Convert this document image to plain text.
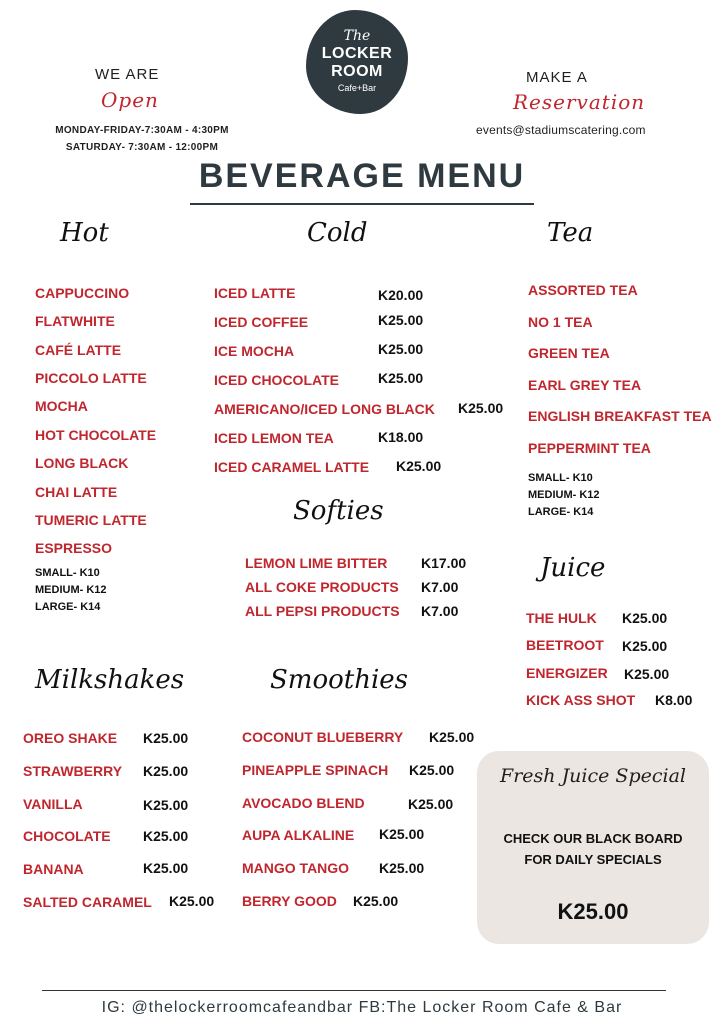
WE ARE
Open
MONDAY-FRIDAY-7:30AM - 4:30PM
SATURDAY- 7:30AM - 12:00PM
The
LOCKER
ROOM
Cafe+Bar
MAKE A
Reservation
events@stadiumscatering.com
BEVERAGE MENU
Hot
CAPPUCCINO
FLATWHITE
CAFÉ LATTE
PICCOLO LATTE
MOCHA
HOT CHOCOLATE
LONG BLACK
CHAI LATTE
TUMERIC LATTE
ESPRESSO
SMALL- K10
MEDIUM- K12
LARGE- K14
Cold
ICED LATTE	K20.00
ICED COFFEE	K25.00
ICE MOCHA	K25.00
ICED CHOCOLATE	K25.00
AMERICANO/ICED LONG BLACK K25.00
ICED LEMON TEA	K18.00
ICED CARAMEL LATTE K25.00
Tea
ASSORTED TEA
NO 1 TEA
GREEN TEA
EARL GREY TEA
ENGLISH BREAKFAST TEA
PEPPERMINT TEA
SMALL- K10
MEDIUM- K12
LARGE- K14
Softies
LEMON LIME BITTER K17.00
ALL COKE PRODUCTS K7.00
ALL PEPSI PRODUCTS K7.00
Juice
THE HULK K25.00
BEETROOT K25.00
ENERGIZER K25.00
KICK ASS SHOT K8.00
Milkshakes
OREO SHAKE K25.00
STRAWBERRY K25.00
VANILLA	K25.00
CHOCOLATE K25.00
BANANA	K25.00
SALTED CARAMEL K25.00
Smoothies
COCONUT BLUEBERRY K25.00
PINEAPPLE SPINACH K25.00
AVOCADO BLEND	K25.00
AUPA ALKALINE K25.00
MANGO TANGO K25.00
BERRY GOOD K25.00
Fresh Juice Special
CHECK OUR BLACK BOARD
FOR DAILY SPECIALS
K25.00
IG: @thelockerroomcafeandbar FB:The Locker Room Cafe & Bar
